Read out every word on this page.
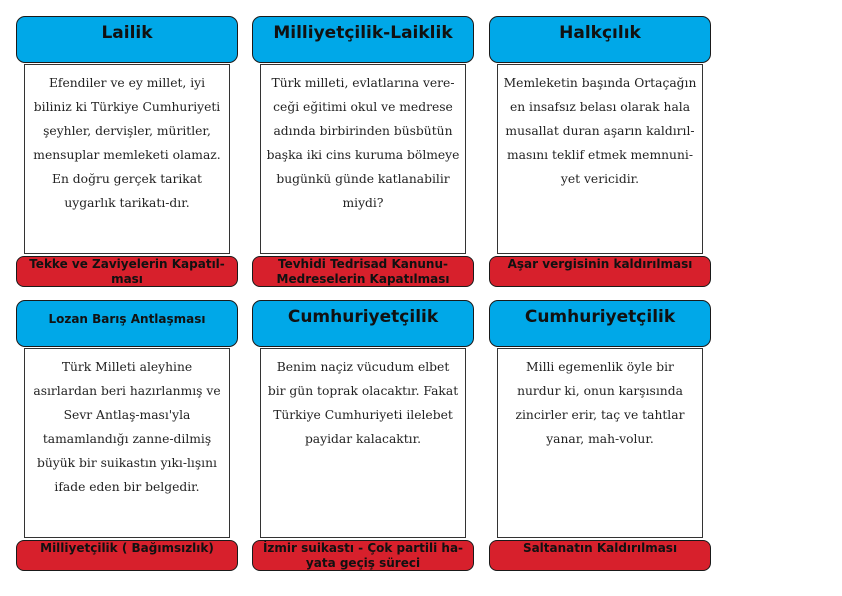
Lailik
Efendiler ve ey millet, iyi biliniz ki Türkiye Cumhuriyeti şeyhler, dervişler, müritler, mensuplar memleketi olamaz. En doğru gerçek tarikat uygarlık tarikatı-dır.
Tekke ve Zaviyelerin Kapatıl-ması
Milliyetçilik-Laiklik
Türk milleti, evlatlarına vere-ceği eğitimi okul ve medrese adında birbirinden büsbütün başka iki cins kuruma bölmeye bugünkü günde katlanabilir miydi?
Tevhidi Tedrisad Kanunu-Medreselerin Kapatılması
Halkçılık
Memleketin başında Ortaçağın en insafsız belası olarak hala musallat duran aşarın kaldırıl-masını teklif etmek memnuni-yet vericidir.
Aşar vergisinin kaldırılması
Lozan Barış Antlaşması
Türk Milleti aleyhine asırlardan beri hazırlanmış ve Sevr Antlaş-ması'yla tamamlandığı zanne-dilmiş büyük bir suikastın yıkı-lışını ifade eden bir belgedir.
Milliyetçilik ( Bağımsızlık)
Cumhuriyetçilik
Benim naçiz vücudum elbet bir gün toprak olacaktır. Fakat Türkiye Cumhuriyeti ilelebet payidar kalacaktır.
İzmir suikastı - Çok partili ha-yata geçiş süreci
Cumhuriyetçilik
Milli egemenlik öyle bir nurdur ki, onun karşısında zincirler erir, taç ve tahtlar yanar, mah-volur.
Saltanatın Kaldırılması
